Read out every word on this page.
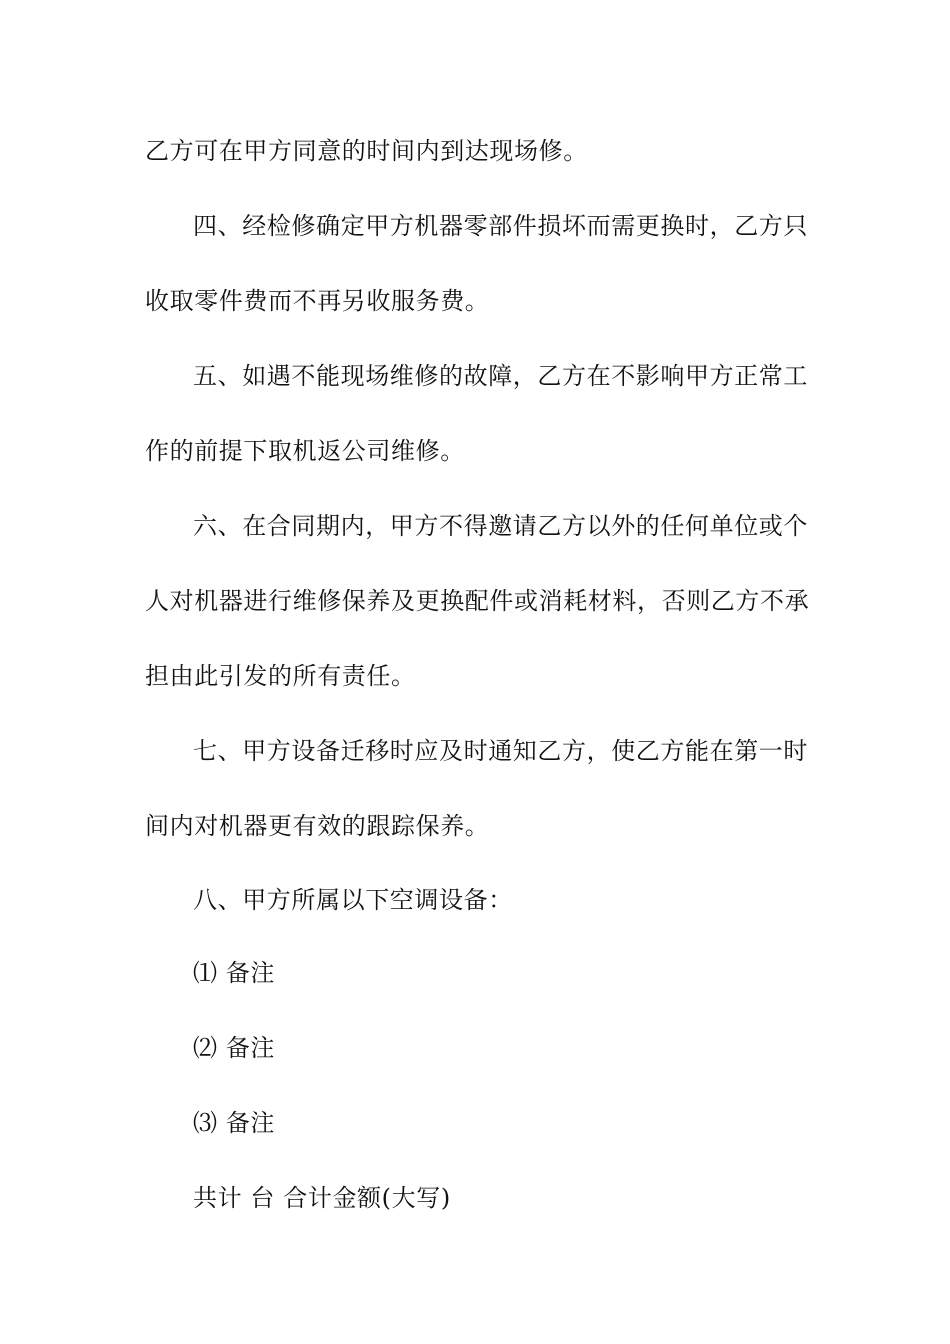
乙方可在甲方同意的时间内到达现场修。
四、经检修确定甲方机器零部件损坏而需更换时，乙方只
收取零件费而不再另收服务费。
五、如遇不能现场维修的故障，乙方在不影响甲方正常工
作的前提下取机返公司维修。
六、在合同期内，甲方不得邀请乙方以外的任何单位或个
人对机器进行维修保养及更换配件或消耗材料，否则乙方不承
担由此引发的所有责任。
七、甲方设备迁移时应及时通知乙方，使乙方能在第一时
间内对机器更有效的跟踪保养。
八、甲方所属以下空调设备：
⑴ 备注
⑵ 备注
⑶ 备注
共计 台 合计金额(大写)
